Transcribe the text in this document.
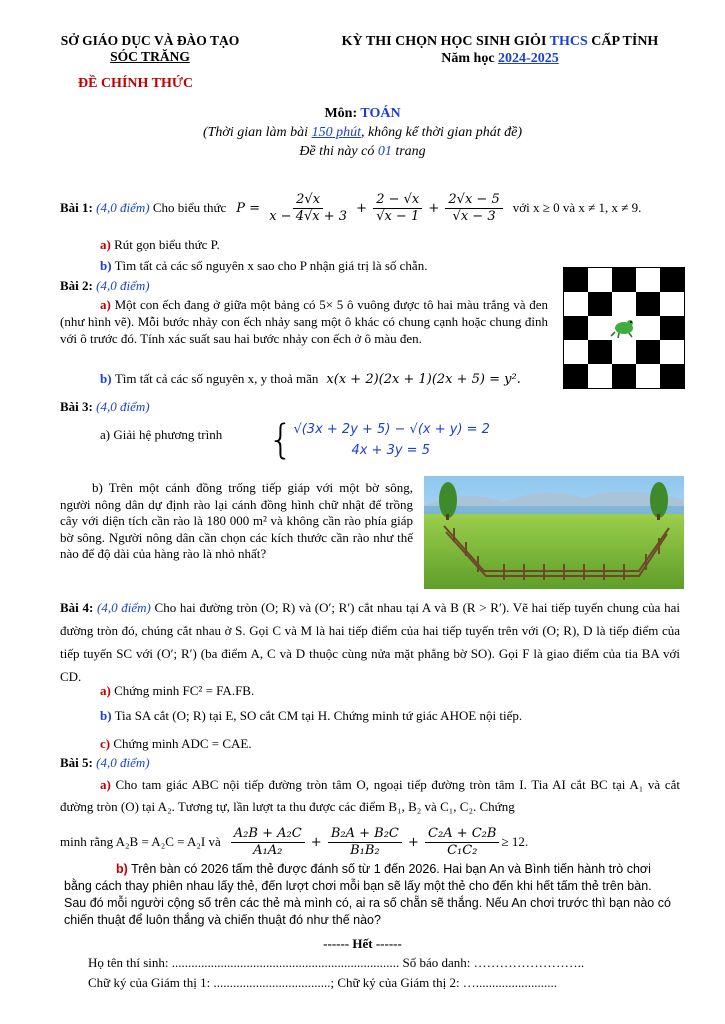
SỞ GIÁO DỤC VÀ ĐÀO TẠO
SÓC TRĂNG
ĐỀ CHÍNH THỨC
KỲ THI CHỌN HỌC SINH GIỎI THCS CẤP TỈNH
Năm học 2024-2025
Môn: TOÁN
(Thời gian làm bài 150 phút, không kể thời gian phát đề)
Đề thi này có 01 trang
Bài 1:
(4,0 điểm)
Cho biểu thức $P = \frac{2√x}{x - 4√x + 3} + \frac{2 - √x}{√x - 1} + \frac{2√x - 5}{√x - 3}$ với x ≥ 0 và x ≠ 1, x ≠ 9.
a) Rút gọn biểu thức P.
b) Tìm tất cả các số nguyên x sao cho P nhận giá trị là số chẵn.
Bài 2: (4,0 điểm)
a) Một con ếch đang ở giữa một bảng có 5× 5 ô vuông được tô hai màu trắng và đen (như hình vẽ). Mỗi bước nhảy con ếch nhảy sang một ô khác có chung cạnh hoặc chung đỉnh với ô trước đó. Tính xác suất sau hai bước nhảy con ếch ở ô màu đen.
b)
Tìm tất cả các số nguyên x, y thoả mãn x(x + 2)(2x + 1)(2x + 5) = y².
Bài 3: (4,0 điểm)
a) Giải hệ phương trình { √(3x + 2y + 5) − √(x + y) = 2
4x + 3y = 5
b) Trên một cánh đồng trống tiếp giáp với một bờ sông, người nông dân dự định rào lại cánh đồng hình chữ nhật để trồng cây với diện tích cần rào là 180 000 m² và không cần rào phía giáp bờ sông. Người nông dân cần chọn các kích thước cần rào như thế nào để độ dài của hàng rào là nhỏ nhất?
Bài 4: (4,0 điểm) Cho hai đường tròn (O; R) và (O′; R′) cắt nhau tại A và B (R > R′). Vẽ hai tiếp tuyến chung của hai đường tròn đó, chúng cắt nhau ở S. Gọi C và M là hai tiếp điểm của hai tiếp tuyến trên với (O; R), D là tiếp điểm của tiếp tuyến SC với (O′; R′) (ba điểm A, C và D thuộc cùng nửa mặt phẳng bờ SO). Gọi F là giao điểm của tia BA với CD.
a) Chứng minh FC² = FA.FB.
b) Tia SA cắt (O; R) tại E, SO cắt CM tại H. Chứng minh tứ giác AHOE nội tiếp.
c) Chứng minh ADC = CAE.
Bài 5: (4,0 điểm)
a) Cho tam giác ABC nội tiếp đường tròn tâm O, ngoại tiếp đường tròn tâm I. Tia AI cắt BC tại A₁ và cắt đường tròn (O) tại A₂. Tương tự, lần lượt ta thu được các điểm B₁, B₂ và C₁, C₂. Chứng
minh rằng A₂B = A₂C = A₂I và $\frac{\text{A₂B + A₂C}}{\text{A₁A₂}} + \frac{\text{B₂A + B₂C}}{\text{B₁B₂}} + \frac{\text{C₂A + C₂B}}{\text{C₁C₂}} \ge 12$.
b) Trên bàn có 2026 tấm thẻ được đánh số từ 1 đến 2026. Hai bạn An và Bình tiến hành trò chơi bằng cách thay phiên nhau lấy thẻ, đến lượt chơi mỗi bạn sẽ lấy một thẻ cho đến khi hết tấm thẻ trên bàn. Sau đó mỗi người cộng số trên các thẻ mà mình có, ai ra số chẵn sẽ thắng. Nếu An chơi trước thì bạn nào có chiến thuật để luôn thắng và chiến thuật đó như thế nào?
------ Hết ------
Họ tên thí sinh: ...................................................................... Số báo danh: ……………………..
Chữ ký của Giám thị 1: ....................................; Chữ ký của Giám thị 2: ….........................
